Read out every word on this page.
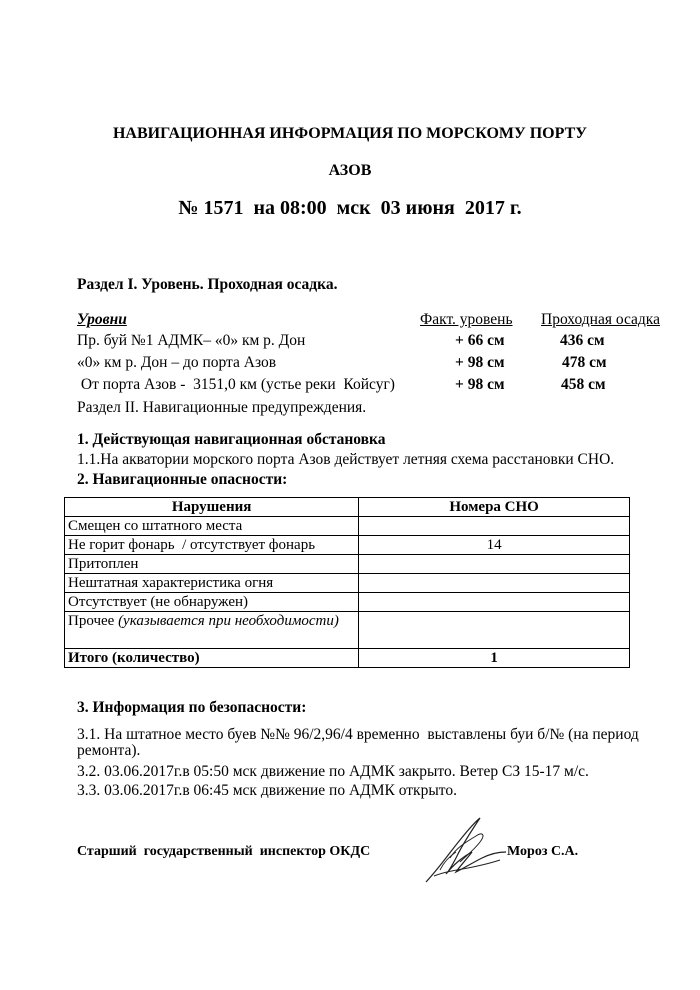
НАВИГАЦИОННАЯ ИНФОРМАЦИЯ ПО МОРСКОМУ ПОРТУ
АЗОВ
№ 1571  на 08:00  мск  03 июня  2017 г.
Раздел I. Уровень. Проходная осадка.
Уровни	Факт. уровень Проходная осадка
Пр. буй №1 АДМК– «0» км р. Дон	+ 66 см	436 см
«0» км р. Дон – до порта Азов	+ 98 см	478 см
От порта Азов -  3151,0 км (устье реки  Койсуг)	+ 98 см	458 см
Раздел II. Навигационные предупреждения.
1. Действующая навигационная обстановка
1.1.На акватории морского порта Азов действует летняя схема расстановки СНО.
2. Навигационные опасности:
Нарушения	Номера СНО
Смещен со штатного места	
Не горит фонарь  / отсутствует фонарь	14
Притоплен	
Нештатная характеристика огня	
Отсутствует (не обнаружен)	
Прочее (указывается при необходимости)	
Итого (количество)	1
3. Информация по безопасности:
3.1. На штатное место буев №№ 96/2,96/4 временно  выставлены буи б/№ (на период
ремонта).
3.2. 03.06.2017г.в 05:50 мск движение по АДМК закрыто. Ветер СЗ 15-17 м/с.
3.3. 03.06.2017г.в 06:45 мск движение по АДМК открыто.
Старший  государственный  инспектор ОКДС	Мороз С.А.
